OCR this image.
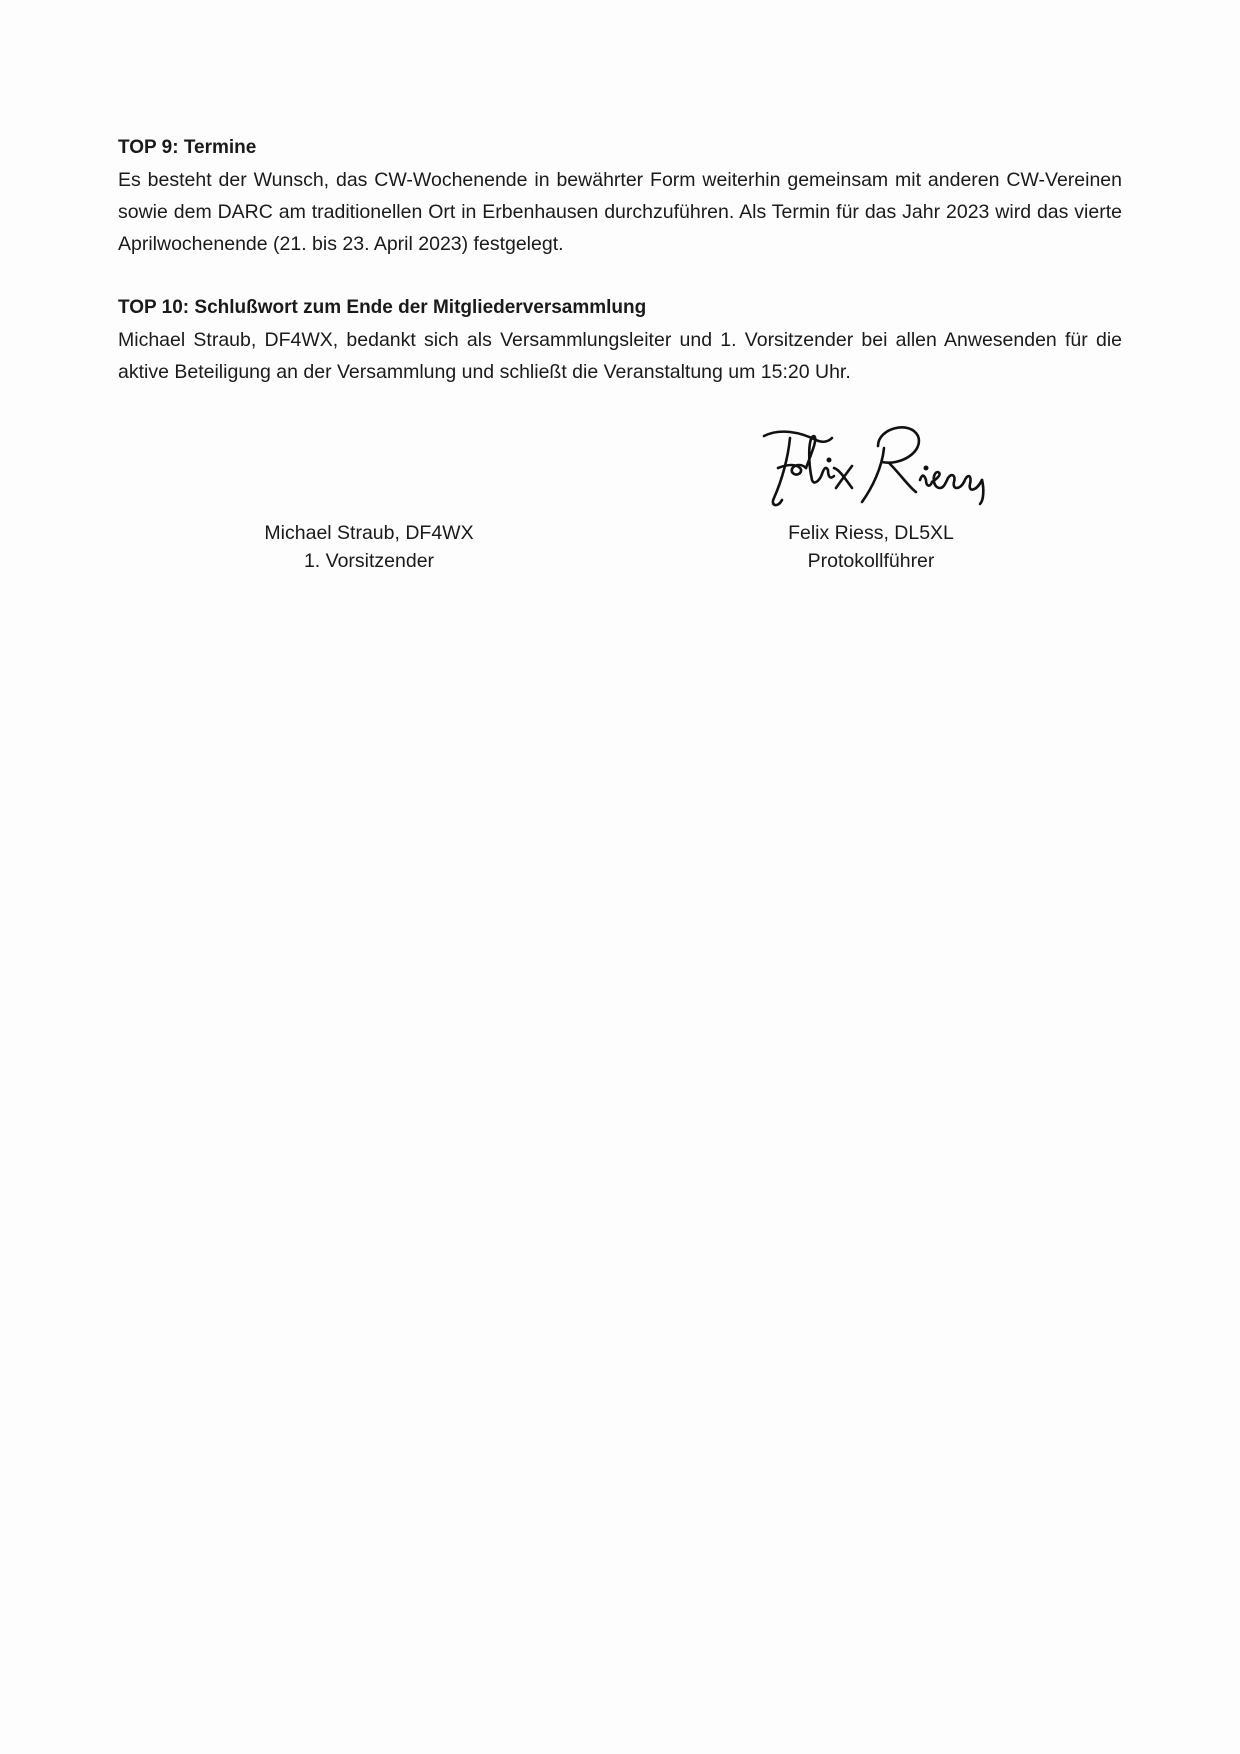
TOP 9: Termine

Es besteht der Wunsch, das CW-Wochenende in bewährter Form weiterhin gemeinsam mit anderen CW-Vereinen sowie dem DARC am traditionellen Ort in Erbenhausen durchzuführen. Als Termin für das Jahr 2023 wird das vierte Aprilwochenende (21. bis 23. April 2023) festgelegt.

TOP 10: Schlußwort zum Ende der Mitgliederversammlung

Michael Straub, DF4WX, bedankt sich als Versammlungsleiter und 1. Vorsitzender bei allen Anwesenden für die aktive Beteiligung an der Versammlung und schließt die Veranstaltung um 15:20 Uhr.

Michael Straub, DF4WX
1. Vorsitzender
Felix Riess, DL5XL
Protokollführer
